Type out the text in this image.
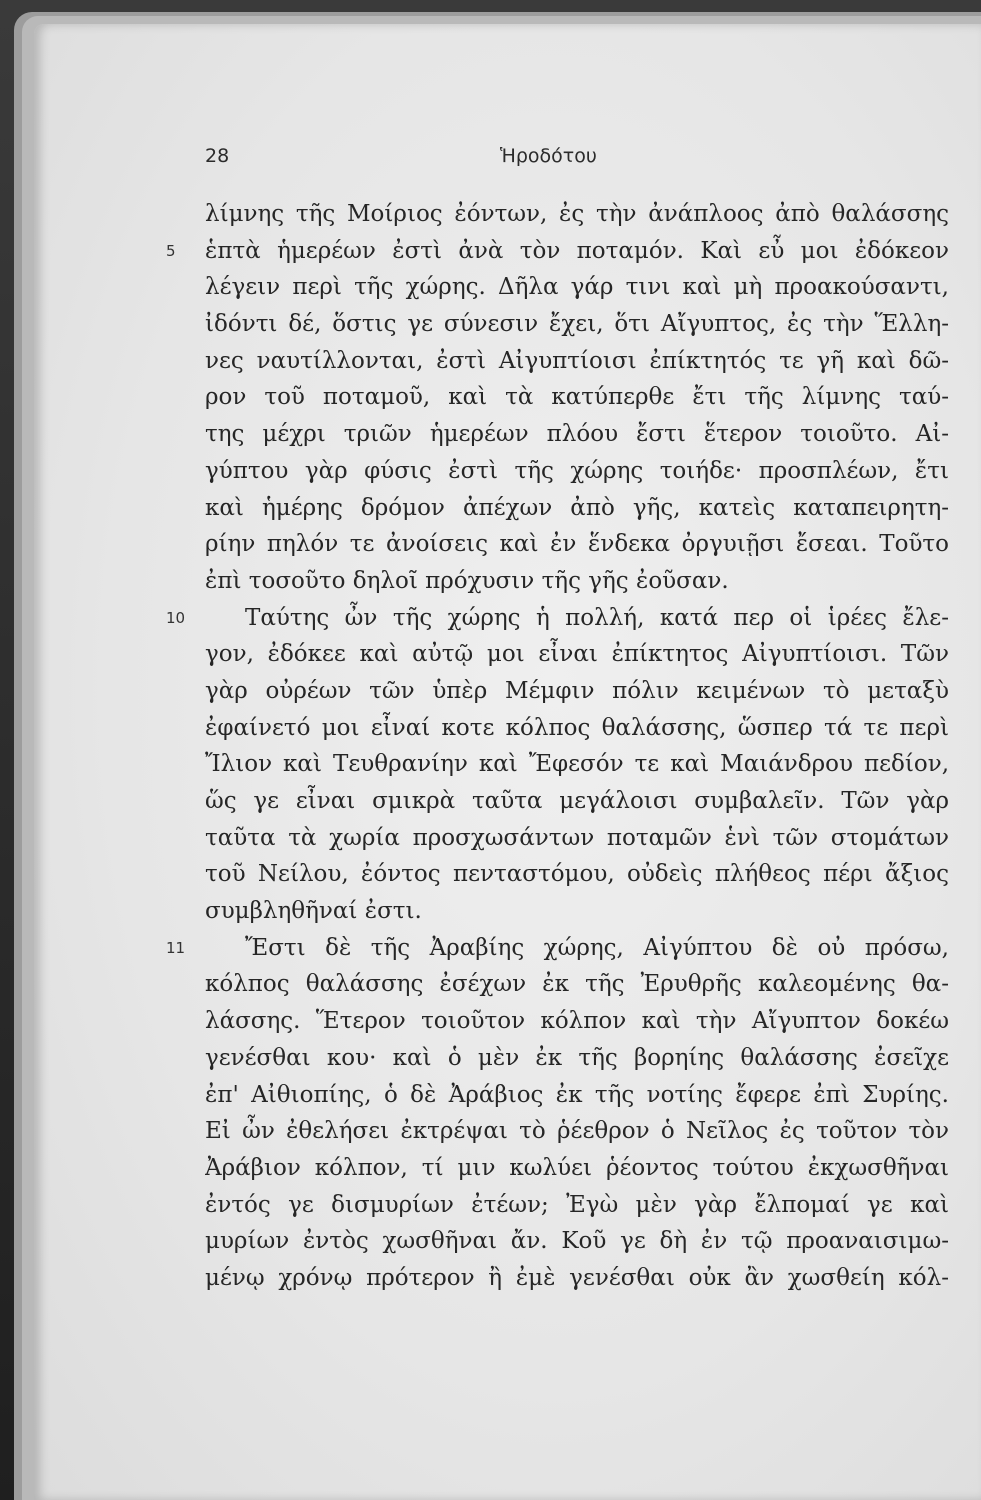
28	Ἡροδότου
λίμνης τῆς Μοίριος ἐόντων, ἐς τὴν ἀνάπλοος ἀπὸ θαλάσσης
5 ἑπτὰ ἡμερέων ἐστὶ ἀνὰ τὸν ποταμόν. Καὶ εὖ μοι ἐδόκεον
λέγειν περὶ τῆς χώρης. Δῆλα γάρ τινι καὶ μὴ προακούσαντι,
ἰδόντι δέ, ὅστις γε σύνεσιν ἔχει, ὅτι Αἴγυπτος, ἐς τὴν Ἕλλη-
νες ναυτίλλονται, ἐστὶ Αἰγυπτίοισι ἐπίκτητός τε γῆ καὶ δῶ-
ρον τοῦ ποταμοῦ, καὶ τὰ κατύπερθε ἔτι τῆς λίμνης ταύ-
της μέχρι τριῶν ἡμερέων πλόου ἔστι ἕτερον τοιοῦτο. Αἰ-
γύπτου γὰρ φύσις ἐστὶ τῆς χώρης τοιήδε· προσπλέων, ἔτι
καὶ ἡμέρης δρόμον ἀπέχων ἀπὸ γῆς, κατεὶς καταπειρητη-
ρίην πηλόν τε ἀνοίσεις καὶ ἐν ἕνδεκα ὀργυιῇσι ἔσεαι. Τοῦτο
ἐπὶ τοσοῦτο δηλοῖ πρόχυσιν τῆς γῆς ἐοῦσαν.
10	Ταύτης ὦν τῆς χώρης ἡ πολλή, κατά περ οἱ ἱρέες ἔλε-
γον, ἐδόκεε καὶ αὐτῷ μοι εἶναι ἐπίκτητος Αἰγυπτίοισι. Τῶν
γὰρ οὐρέων τῶν ὑπὲρ Μέμφιν πόλιν κειμένων τὸ μεταξὺ
ἐφαίνετό μοι εἶναί κοτε κόλπος θαλάσσης, ὥσπερ τά τε περὶ
Ἴλιον καὶ Τευθρανίην καὶ Ἔφεσόν τε καὶ Μαιάνδρου πεδίον,
ὥς γε εἶναι σμικρὰ ταῦτα μεγάλοισι συμβαλεῖν. Τῶν γὰρ
ταῦτα τὰ χωρία προσχωσάντων ποταμῶν ἑνὶ τῶν στομάτων
τοῦ Νείλου, ἐόντος πενταστόμου, οὐδεὶς πλήθεος πέρι ἄξιος
συμβληθῆναί ἐστι.
11	Ἔστι δὲ τῆς Ἀραβίης χώρης, Αἰγύπτου δὲ οὐ πρόσω,
κόλπος θαλάσσης ἐσέχων ἐκ τῆς Ἐρυθρῆς καλεομένης θα-
λάσσης. Ἕτερον τοιοῦτον κόλπον καὶ τὴν Αἴγυπτον δοκέω
γενέσθαι κου· καὶ ὁ μὲν ἐκ τῆς βορηίης θαλάσσης ἐσεῖχε
ἐπ' Αἰθιοπίης, ὁ δὲ Ἀράβιος ἐκ τῆς νοτίης ἔφερε ἐπὶ Συρίης.
Εἰ ὦν ἐθελήσει ἐκτρέψαι τὸ ῥέεθρον ὁ Νεῖλος ἐς τοῦτον τὸν
Ἀράβιον κόλπον, τί μιν κωλύει ῥέοντος τούτου ἐκχωσθῆναι
ἐντός γε δισμυρίων ἐτέων; Ἐγὼ μὲν γὰρ ἔλπομαί γε καὶ
μυρίων ἐντὸς χωσθῆναι ἄν. Κοῦ γε δὴ ἐν τῷ προαναισιμω-
μένῳ χρόνῳ πρότερον ἢ ἐμὲ γενέσθαι οὐκ ἂν χωσθείη κόλ-
